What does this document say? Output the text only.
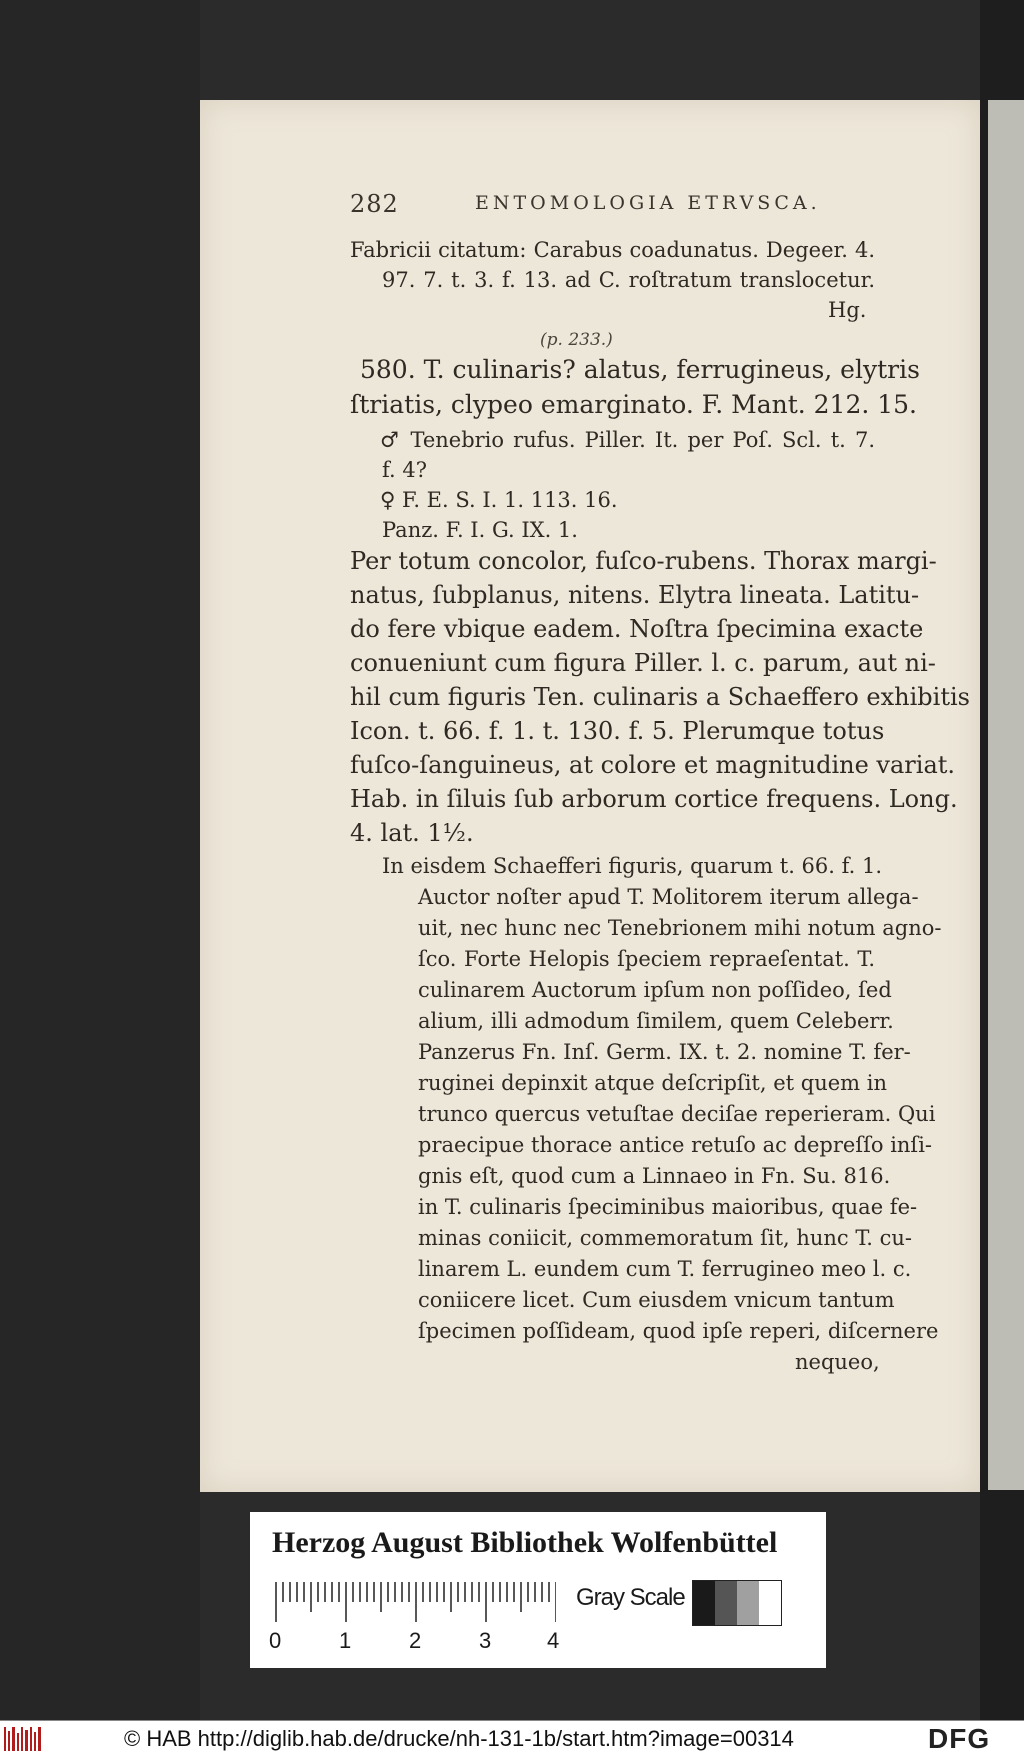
282	ENTOMOLOGIA ETRVSCA.
Fabricii citatum: Carabus coadunatus. Degeer. 4.
97. 7. t. 3. f. 13. ad C. roſtratum translocetur.
Hg.
(p. 233.)
580. T. culinaris? alatus, ferrugineus, elytris
ſtriatis, clypeo emarginato. F. Mant. 212. 15.
♂ Tenebrio rufus. Piller. It. per Poſ. Scl. t. 7.
f. 4?
♀ F. E. S. I. 1. 113. 16.
Panz. F. I. G. IX. 1.
Per totum concolor, fuſco-rubens. Thorax margi-
natus, ſubplanus, nitens. Elytra lineata. Latitu-
do fere vbique eadem. Noſtra ſpecimina exacte
conueniunt cum figura Piller. l. c. parum, aut ni-
hil cum figuris Ten. culinaris a Schaeffero exhibitis
Icon. t. 66. f. 1. t. 130. f. 5. Plerumque totus
fuſco-ſanguineus, at colore et magnitudine variat.
Hab. in ſiluis ſub arborum cortice frequens. Long.
4. lat. 1½.
In eisdem Schaefferi figuris, quarum t. 66. f. 1.
Auctor noſter apud T. Molitorem iterum allega-
uit, nec hunc nec Tenebrionem mihi notum agno-
ſco. Forte Helopis ſpeciem repraeſentat. T.
culinarem Auctorum ipſum non poſſideo, ſed
alium, illi admodum ſimilem, quem Celeberr.
Panzerus Fn. Inſ. Germ. IX. t. 2. nomine T. fer-
ruginei depinxit atque deſcripſit, et quem in
trunco quercus vetuſtae deciſae reperieram. Qui
praecipue thorace antice retuſo ac depreſſo inſi-
gnis eſt, quod cum a Linnaeo in Fn. Su. 816.
in T. culinaris ſpeciminibus maioribus, quae fe-
minas coniicit, commemoratum ſit, hunc T. cu-
linarem L. eundem cum T. ferrugineo meo l. c.
coniicere licet. Cum eiusdem vnicum tantum
ſpecimen poſſideam, quod ipſe reperi, diſcernere
nequeo,
Herzog August Bibliothek Wolfenbüttel
Gray Scale
0	1	2	3	4
© HAB http://diglib.hab.de/drucke/nh-131-1b/start.htm?image=00314	DFG
